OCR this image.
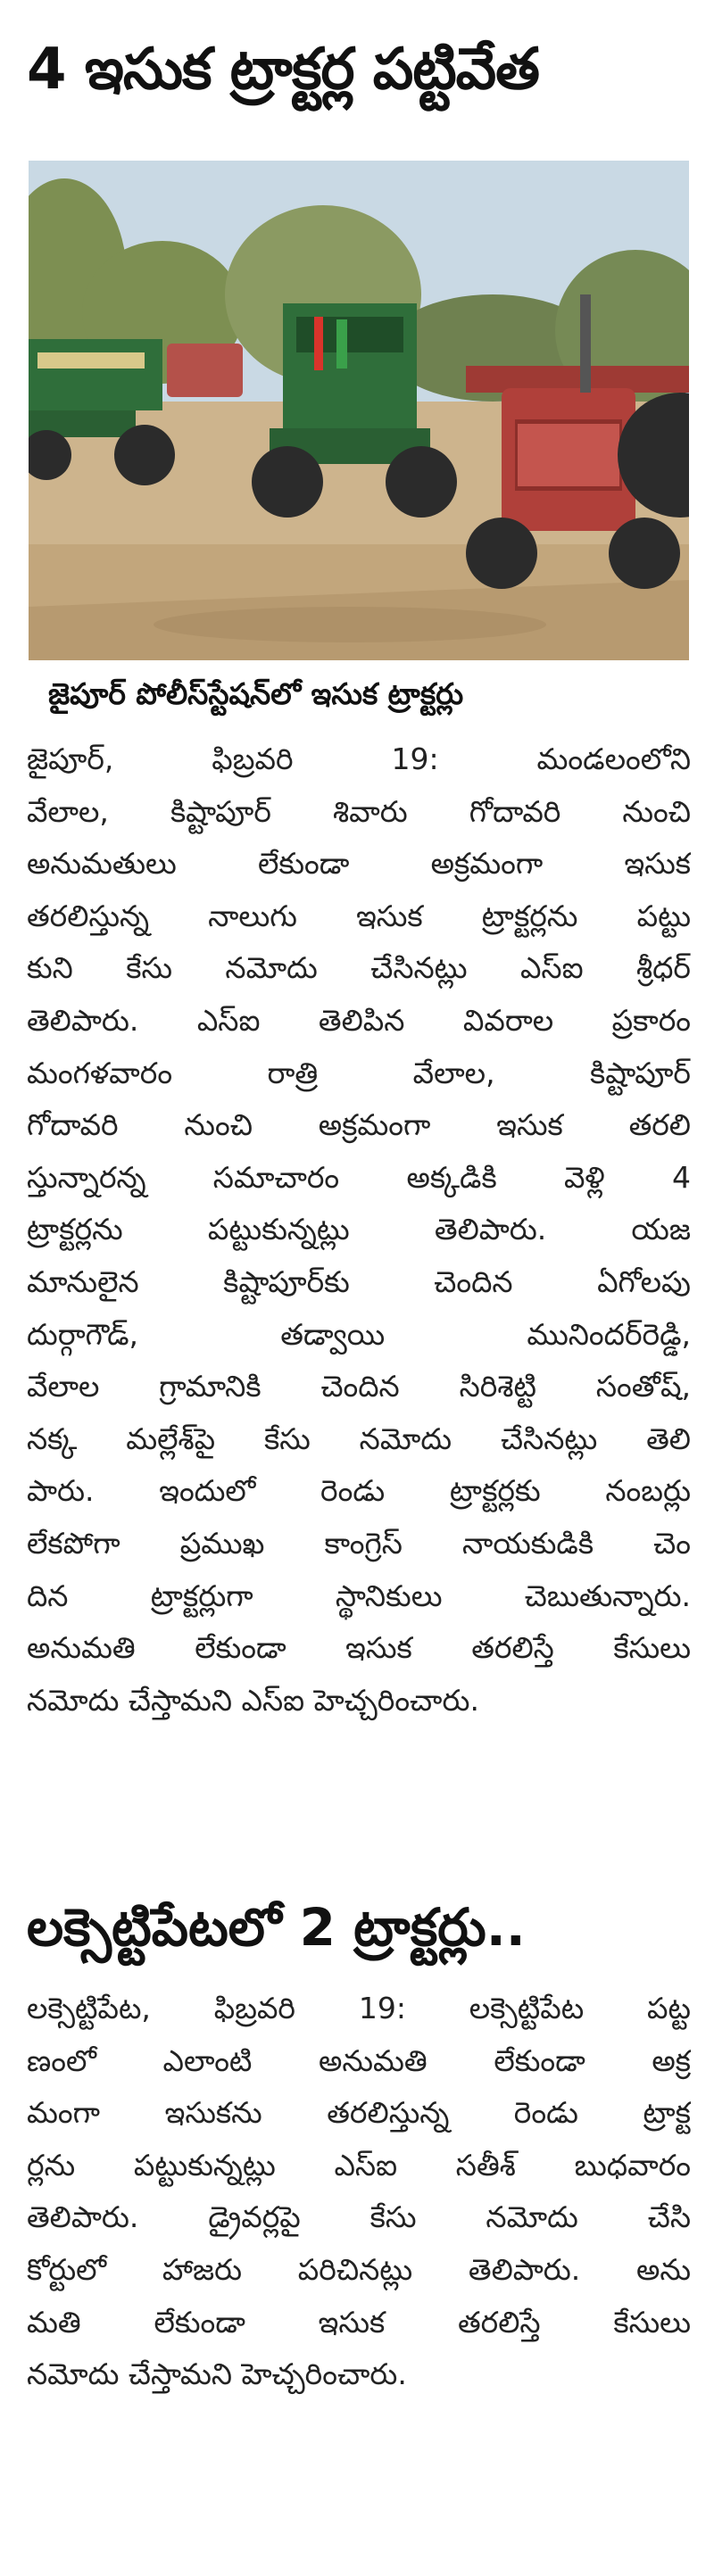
4 ఇసుక ట్రాక్టర్ల పట్టివేత

జైపూర్ పోలీస్‌స్టేషన్‌లో ఇసుక ట్రాక్టర్లు

జైపూర్, ఫిబ్రవరి 19: మండలంలోని
వేలాల, కిష్టాపూర్ శివారు గోదావరి నుంచి
అనుమతులు లేకుండా అక్రమంగా ఇసుక
తరలిస్తున్న నాలుగు ఇసుక ట్రాక్టర్లను పట్టు
కుని కేసు నమోదు చేసినట్లు ఎస్ఐ శ్రీధర్
తెలిపారు. ఎస్ఐ తెలిపిన వివరాల ప్రకారం
మంగళవారం రాత్రి వేలాల, కిష్టాపూర్
గోదావరి నుంచి అక్రమంగా ఇసుక తరలి
స్తున్నారన్న సమాచారం అక్కడికి వెళ్లి 4
ట్రాక్టర్లను పట్టుకున్నట్లు తెలిపారు. యజ
మానులైన కిష్టాపూర్‌కు చెందిన ఏగోలపు
దుర్గాగౌడ్, తడ్వాయి మునిందర్‌రెడ్డి,
వేలాల గ్రామానికి చెందిన సిరిశెట్టి సంతోష్,
నక్క మల్లేశ్‌పై కేసు నమోదు చేసినట్లు తెలి
పారు. ఇందులో రెండు ట్రాక్టర్లకు నంబర్లు
లేకపోగా ప్రముఖ కాంగ్రెస్ నాయకుడికి చెం
దిన ట్రాక్టర్లుగా స్థానికులు చెబుతున్నారు.
అనుమతి లేకుండా ఇసుక తరలిస్తే కేసులు
నమోదు చేస్తామని ఎస్ఐ హెచ్చరించారు.
లక్సెట్టిపేటలో 2 ట్రాక్టర్లు..
లక్సెట్టిపేట, ఫిబ్రవరి 19: లక్సెట్టిపేట పట్ట
ణంలో ఎలాంటి అనుమతి లేకుండా అక్ర
మంగా ఇసుకను తరలిస్తున్న రెండు ట్రాక్ట
ర్లను పట్టుకున్నట్లు ఎస్ఐ సతీశ్ బుధవారం
తెలిపారు. డ్రైవర్లపై కేసు నమోదు చేసి
కోర్టులో హాజరు పరిచినట్లు తెలిపారు. అను
మతి లేకుండా ఇసుక తరలిస్తే కేసులు
నమోదు చేస్తామని హెచ్చరించారు.
